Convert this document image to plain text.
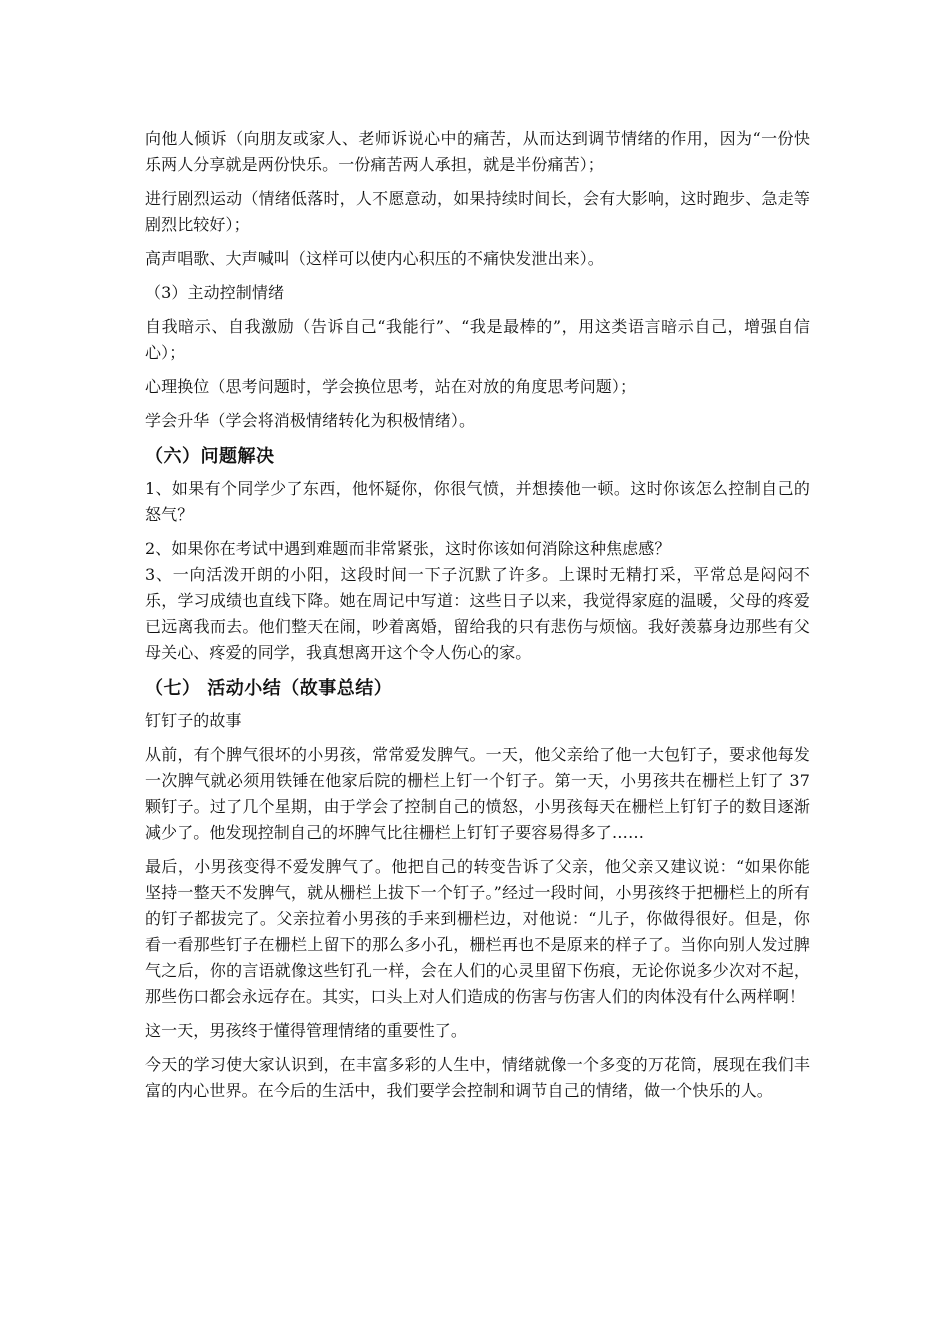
向他人倾诉（向朋友或家人、老师诉说心中的痛苦，从而达到调节情绪的作用，因为“一份快乐两人分享就是两份快乐。一份痛苦两人承担，就是半份痛苦）；

进行剧烈运动（情绪低落时，人不愿意动，如果持续时间长，会有大影响，这时跑步、急走等剧烈比较好）；

高声唱歌、大声喊叫（这样可以使内心积压的不痛快发泄出来）。

（3）主动控制情绪

自我暗示、自我激励（告诉自己“我能行”、“我是最棒的”，用这类语言暗示自己，增强自信心）；

心理换位（思考问题时，学会换位思考，站在对放的角度思考问题）；

学会升华（学会将消极情绪转化为积极情绪）。

（六）问题解决

1、如果有个同学少了东西，他怀疑你，你很气愤，并想揍他一顿。这时你该怎么控制自己的怒气？

2、如果你在考试中遇到难题而非常紧张，这时你该如何消除这种焦虑感？

3、一向活泼开朗的小阳，这段时间一下子沉默了许多。上课时无精打采，平常总是闷闷不乐，学习成绩也直线下降。她在周记中写道：这些日子以来，我觉得家庭的温暖，父母的疼爱已远离我而去。他们整天在闹，吵着离婚，留给我的只有悲伤与烦恼。我好羡慕身边那些有父母关心、疼爱的同学，我真想离开这个令人伤心的家。

（七） 活动小结（故事总结）

钉钉子的故事

从前，有个脾气很坏的小男孩，常常爱发脾气。一天，他父亲给了他一大包钉子，要求他每发一次脾气就必须用铁锤在他家后院的栅栏上钉一个钉子。第一天，小男孩共在栅栏上钉了 37 颗钉子。过了几个星期，由于学会了控制自己的愤怒，小男孩每天在栅栏上钉钉子的数目逐渐减少了。他发现控制自己的坏脾气比往栅栏上钉钉子要容易得多了……

最后，小男孩变得不爱发脾气了。他把自己的转变告诉了父亲，他父亲又建议说：“如果你能坚持一整天不发脾气，就从栅栏上拔下一个钉子。”经过一段时间，小男孩终于把栅栏上的所有的钉子都拔完了。父亲拉着小男孩的手来到栅栏边，对他说：“儿子，你做得很好。但是，你看一看那些钉子在栅栏上留下的那么多小孔，栅栏再也不是原来的样子了。当你向别人发过脾气之后，你的言语就像这些钉孔一样，会在人们的心灵里留下伤痕，无论你说多少次对不起，那些伤口都会永远存在。其实，口头上对人们造成的伤害与伤害人们的肉体没有什么两样啊！

这一天，男孩终于懂得管理情绪的重要性了。

今天的学习使大家认识到，在丰富多彩的人生中，情绪就像一个多变的万花筒，展现在我们丰富的内心世界。在今后的生活中，我们要学会控制和调节自己的情绪，做一个快乐的人。
